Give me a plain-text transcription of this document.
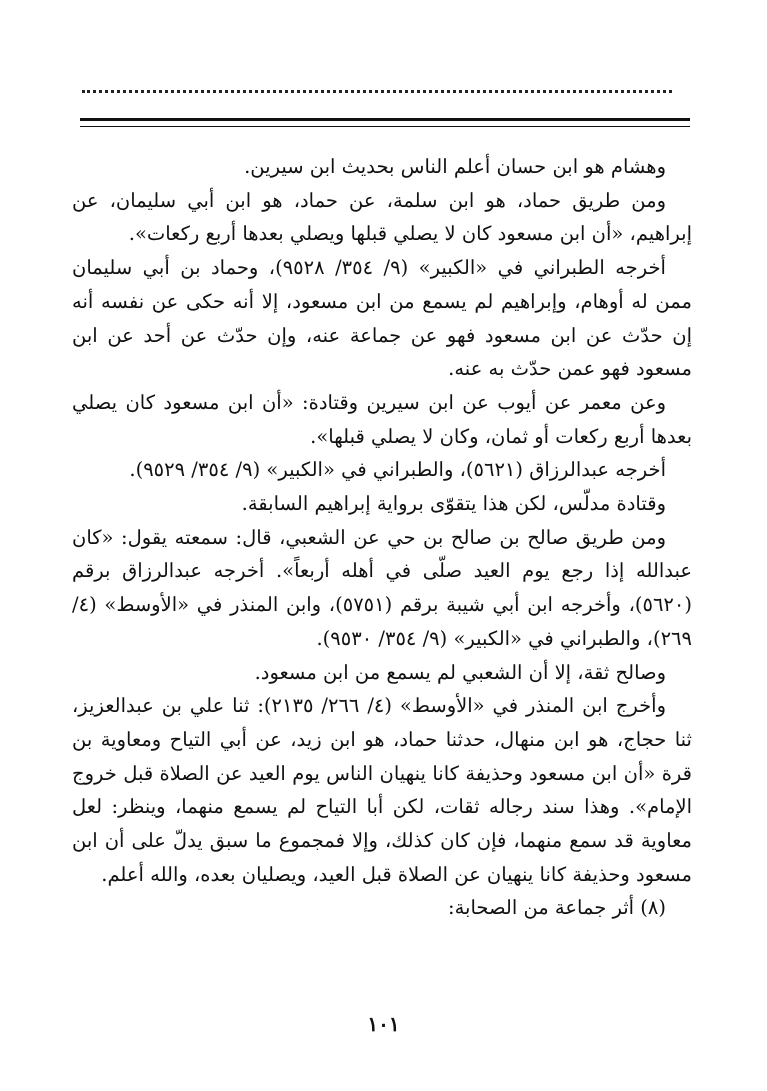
وهشام هو ابن حسان أعلم الناس بحديث ابن سيرين.

ومن طريق حماد، هو ابن سلمة، عن حماد، هو ابن أبي سليمان، عن إبراهيم، «أن ابن مسعود كان لا يصلي قبلها ويصلي بعدها أربع ركعات».

أخرجه الطبراني في «الكبير» (٩/ ٣٥٤/ ٩٥٢٨)، وحماد بن أبي سليمان ممن له أوهام، وإبراهيم لم يسمع من ابن مسعود، إلا أنه حكى عن نفسه أنه إن حدّث عن ابن مسعود فهو عن جماعة عنه، وإن حدّث عن أحد عن ابن مسعود فهو عمن حدّث به عنه.

وعن معمر عن أيوب عن ابن سيرين وقتادة: «أن ابن مسعود كان يصلي بعدها أربع ركعات أو ثمان، وكان لا يصلي قبلها».

أخرجه عبدالرزاق (٥٦٢١)، والطبراني في «الكبير» (٩/ ٣٥٤/ ٩٥٢٩).

وقتادة مدلّس، لكن هذا يتقوّى برواية إبراهيم السابقة.

ومن طريق صالح بن صالح بن حي عن الشعبي، قال: سمعته يقول: «كان عبدالله إذا رجع يوم العيد صلّى في أهله أربعاً». أخرجه عبدالرزاق برقم (٥٦٢٠)، وأخرجه ابن أبي شيبة برقم (٥٧٥١)، وابن المنذر في «الأوسط» (٤/ ٢٦٩)، والطبراني في «الكبير» (٩/ ٣٥٤/ ٩٥٣٠).

وصالح ثقة، إلا أن الشعبي لم يسمع من ابن مسعود.

وأخرج ابن المنذر في «الأوسط» (٤/ ٢٦٦/ ٢١٣٥): ثنا علي بن عبدالعزيز، ثنا حجاج، هو ابن منهال، حدثنا حماد، هو ابن زيد، عن أبي التياح ومعاوية بن قرة «أن ابن مسعود وحذيفة كانا ينهيان الناس يوم العيد عن الصلاة قبل خروج الإمام». وهذا سند رجاله ثقات، لكن أبا التياح لم يسمع منهما، وينظر: لعل معاوية قد سمع منهما، فإن كان كذلك، وإلا فمجموع ما سبق يدلّ على أن ابن مسعود وحذيفة كانا ينهيان عن الصلاة قبل العيد، ويصليان بعده، والله أعلم.

(٨) أثر جماعة من الصحابة:

١٠١
